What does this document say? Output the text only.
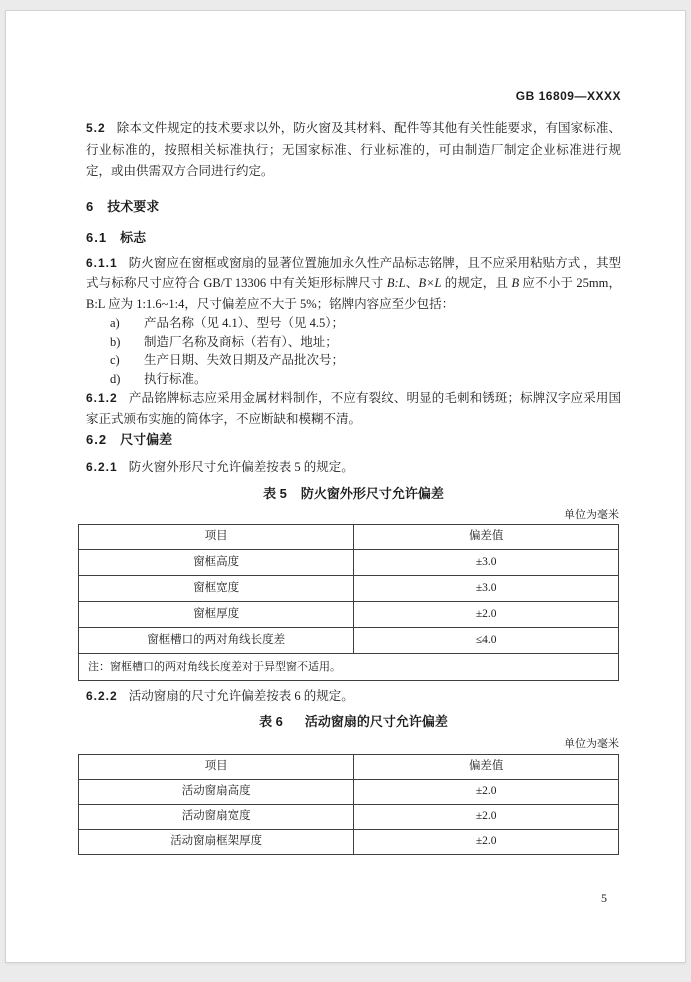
GB 16809—XXXX

5.2 除本文件规定的技术要求以外，防火窗及其材料、配件等其他有关性能要求，有国家标准、行业标准的，按照相关标准执行；无国家标准、行业标准的，可由制造厂制定企业标准进行规定，或由供需双方合同进行约定。

6 技术要求
6.1 标志

6.1.1 防火窗应在窗框或窗扇的显著位置施加永久性产品标志铭牌，且不应采用粘贴方式 ，其型式与标称尺寸应符合 GB/T 13306 中有关矩形标牌尺寸 B:L、B×L 的规定，且 B 应不小于 25mm，B:L 应为 1:1.6~1:4，尺寸偏差应不大于 5%；铭牌内容应至少包括：

a) 产品名称（见 4.1）、型号（见 4.5）；
b) 制造厂名称及商标（若有）、地址；
c) 生产日期、失效日期及产品批次号；
d) 执行标准。

6.1.2 产品铭牌标志应采用金属材料制作，不应有裂纹、明显的毛刺和锈斑；标牌汉字应采用国家正式颁布实施的简体字，不应断缺和模糊不清。

6.2 尺寸偏差

6.2.1 防火窗外形尺寸允许偏差按表 5 的规定。

表 5 防火窗外形尺寸允许偏差
单位为毫米
项目	偏差值
窗框高度	±3.0
窗框宽度	±3.0
窗框厚度	±2.0
窗框槽口的两对角线长度差	≤4.0
注：窗框槽口的两对角线长度差对于异型窗不适用。	

6.2.2 活动窗扇的尺寸允许偏差按表 6 的规定。

表 6 活动窗扇的尺寸允许偏差
单位为毫米
项目	偏差值
活动窗扇高度	±2.0
活动窗扇宽度	±2.0
活动窗扇框架厚度	±2.0
5
